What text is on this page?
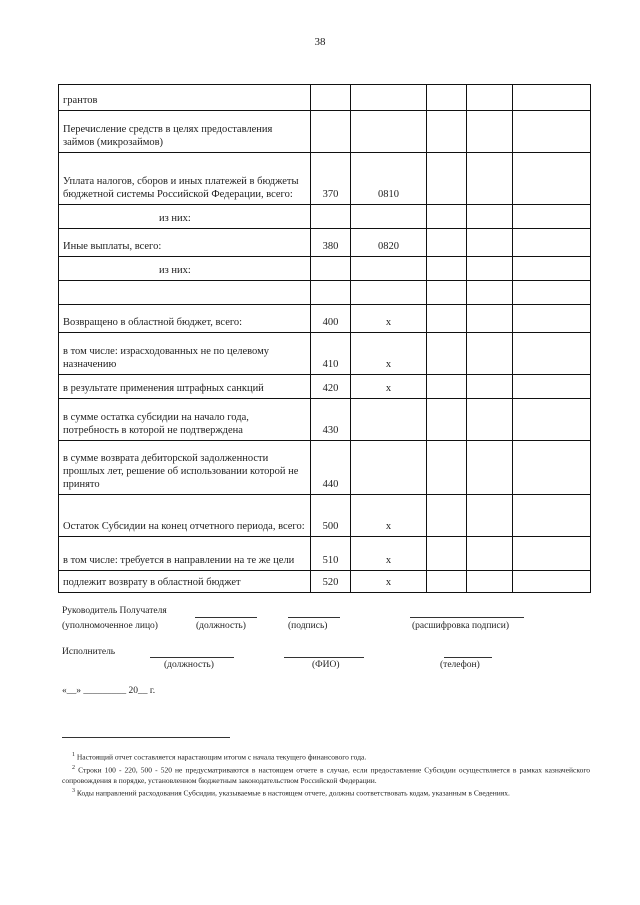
38
грантов					
Перечисление средств в целях предоставления займов (микрозаймов)					
Уплата налогов, сборов и иных платежей в бюджеты бюджетной системы Российской Федерации, всего:	370	0810			
из них:					
Иные выплаты, всего:	380	0820			
из них:					

Возвращено в областной бюджет, всего:	400	x			
в том числе: израсходованных не по целевому назначению	410	x			
в результате применения штрафных санкций	420	x			
в сумме остатка субсидии на начало года, потребность в которой не подтверждена	430				
в сумме возврата дебиторской задолженности прошлых лет, решение об использовании которой не принято	440				
Остаток Субсидии на конец отчетного периода, всего:	500	x			
в том числе: требуется в направлении на те же цели	510	x			
подлежит возврату в областной бюджет	520	x			
Руководитель Получателя
(уполномоченное лицо)	(должность)	(подпись)	(расшифровка подписи)
Исполнитель
(должность)	(ФИО)	(телефон)
«__» _________ 20__ г.

$^1$ Настоящий отчет составляется нарастающим итогом с начала текущего финансового года.

$^2$ Строки 100 - 220, 500 - 520 не предусматриваются в настоящем отчете в случае, если предоставление Субсидии осуществляется в рамках казначейского сопровождения в порядке, установленном бюджетным законодательством Российской Федерации.

$^3$ Коды направлений расходования Субсидии, указываемые в настоящем отчете, должны соответствовать кодам, указанным в Сведениях.
